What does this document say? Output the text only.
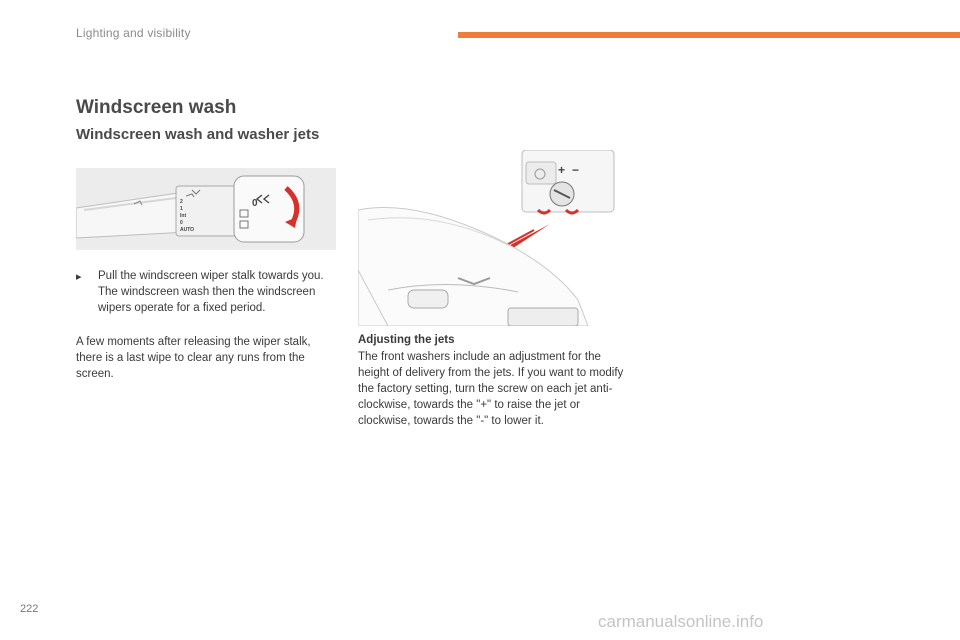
Lighting and visibility
Windscreen wash
Windscreen wash and washer jets
2
1
Int
0
AUTO
0
+ −
▸	Pull the windscreen wiper stalk towards you. The windscreen wash then the windscreen wipers operate for a fixed period.
A few moments after releasing the wiper stalk, there is a last wipe to clear any runs from the screen.
Adjusting the jets
The front washers include an adjustment for the height of delivery from the jets. If you want to modify the factory setting, turn the screw on each jet anti-clockwise, towards the "+" to raise the jet or clockwise, towards the "-" to lower it.
222
carmanualsonline.info
